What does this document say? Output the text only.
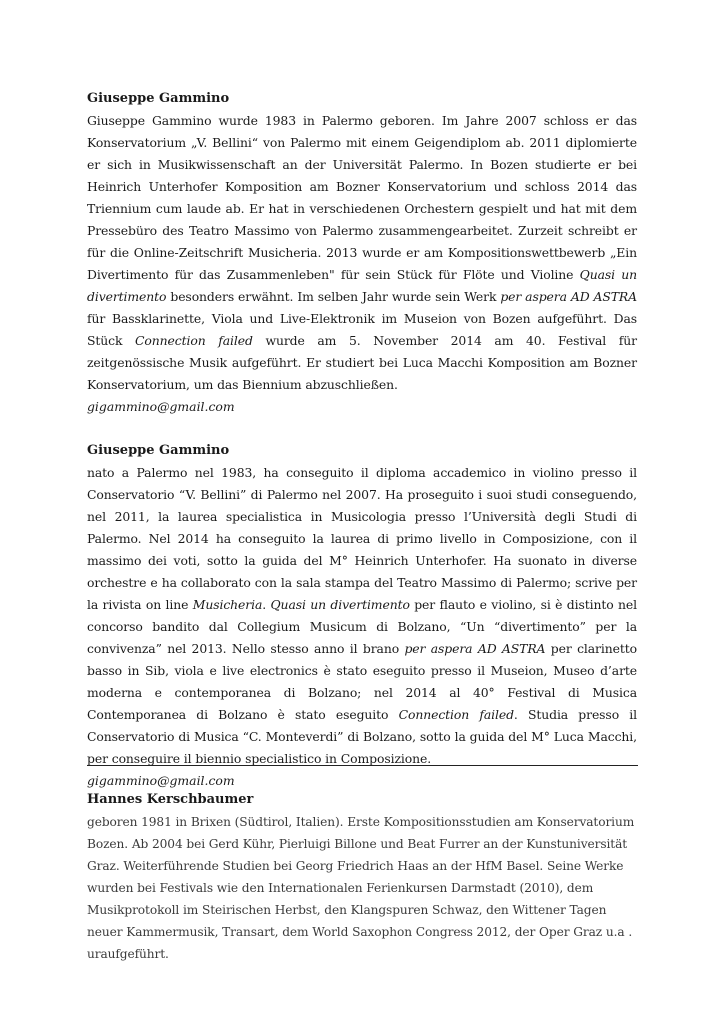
Giuseppe Gammino

Giuseppe Gammino wurde 1983 in Palermo geboren. Im Jahre 2007 schloss er das Konservatorium „V. Bellini“ von Palermo mit einem Geigendiplom ab. 2011 diplomierte er sich in Musikwissenschaft an der Universität Palermo. In Bozen studierte er bei Heinrich Unterhofer Komposition am Bozner Konservatorium und schloss 2014 das Triennium cum laude ab. Er hat in verschiedenen Orchestern gespielt und hat mit dem Pressebüro des Teatro Massimo von Palermo zusammengearbeitet. Zurzeit schreibt er für die Online-Zeitschrift Musicheria. 2013 wurde er am Kompositionswettbewerb „Ein Divertimento für das Zusammenleben" für sein Stück für Flöte und Violine Quasi un divertimento besonders erwähnt. Im selben Jahr wurde sein Werk per aspera AD ASTRA für Bassklarinette, Viola und Live-Elektronik im Museion von Bozen aufgeführt. Das Stück Connection failed wurde am 5. November 2014 am 40. Festival für zeitgenössische Musik aufgeführt. Er studiert bei Luca Macchi Komposition am Bozner Konservatorium, um das Biennium abzuschließen.

gigammino@gmail.com

Giuseppe Gammino

nato a Palermo nel 1983, ha conseguito il diploma accademico in violino presso il Conservatorio “V. Bellini” di Palermo nel 2007. Ha proseguito i suoi studi conseguendo, nel 2011, la laurea specialistica in Musicologia presso l’Università degli Studi di Palermo. Nel 2014 ha conseguito la laurea di primo livello in Composizione, con il massimo dei voti, sotto la guida del M° Heinrich Unterhofer. Ha suonato in diverse orchestre e ha collaborato con la sala stampa del Teatro Massimo di Palermo; scrive per la rivista on line Musicheria. Quasi un divertimento per flauto e violino, si è distinto nel concorso bandito dal Collegium Musicum di Bolzano, “Un “divertimento” per la convivenza” nel 2013. Nello stesso anno il brano per aspera AD ASTRA per clarinetto basso in Sib, viola e live electronics è stato eseguito presso il Museion, Museo d’arte moderna e contemporanea di Bolzano; nel 2014 al 40° Festival di Musica Contemporanea di Bolzano è stato eseguito Connection failed. Studia presso il Conservatorio di Musica “C. Monteverdi” di Bolzano, sotto la guida del M° Luca Macchi, per conseguire il biennio specialistico in Composizione.

gigammino@gmail.com

Hannes Kerschbaumer

geboren 1981 in Brixen (Südtirol, Italien). Erste Kompositionsstudien am Konservatorium Bozen. Ab 2004 bei Gerd Kühr, Pierluigi Billone und Beat Furrer an der Kunstuniversität Graz. Weiterführende Studien bei Georg Friedrich Haas an der HfM Basel. Seine Werke wurden bei Festivals wie den Internationalen Ferienkursen Darmstadt (2010), dem Musikprotokoll im Steirischen Herbst, den Klangspuren Schwaz, den Wittener Tagen neuer Kammermusik, Transart, dem World Saxophon Congress 2012, der Oper Graz u.a . uraufgeführt.
